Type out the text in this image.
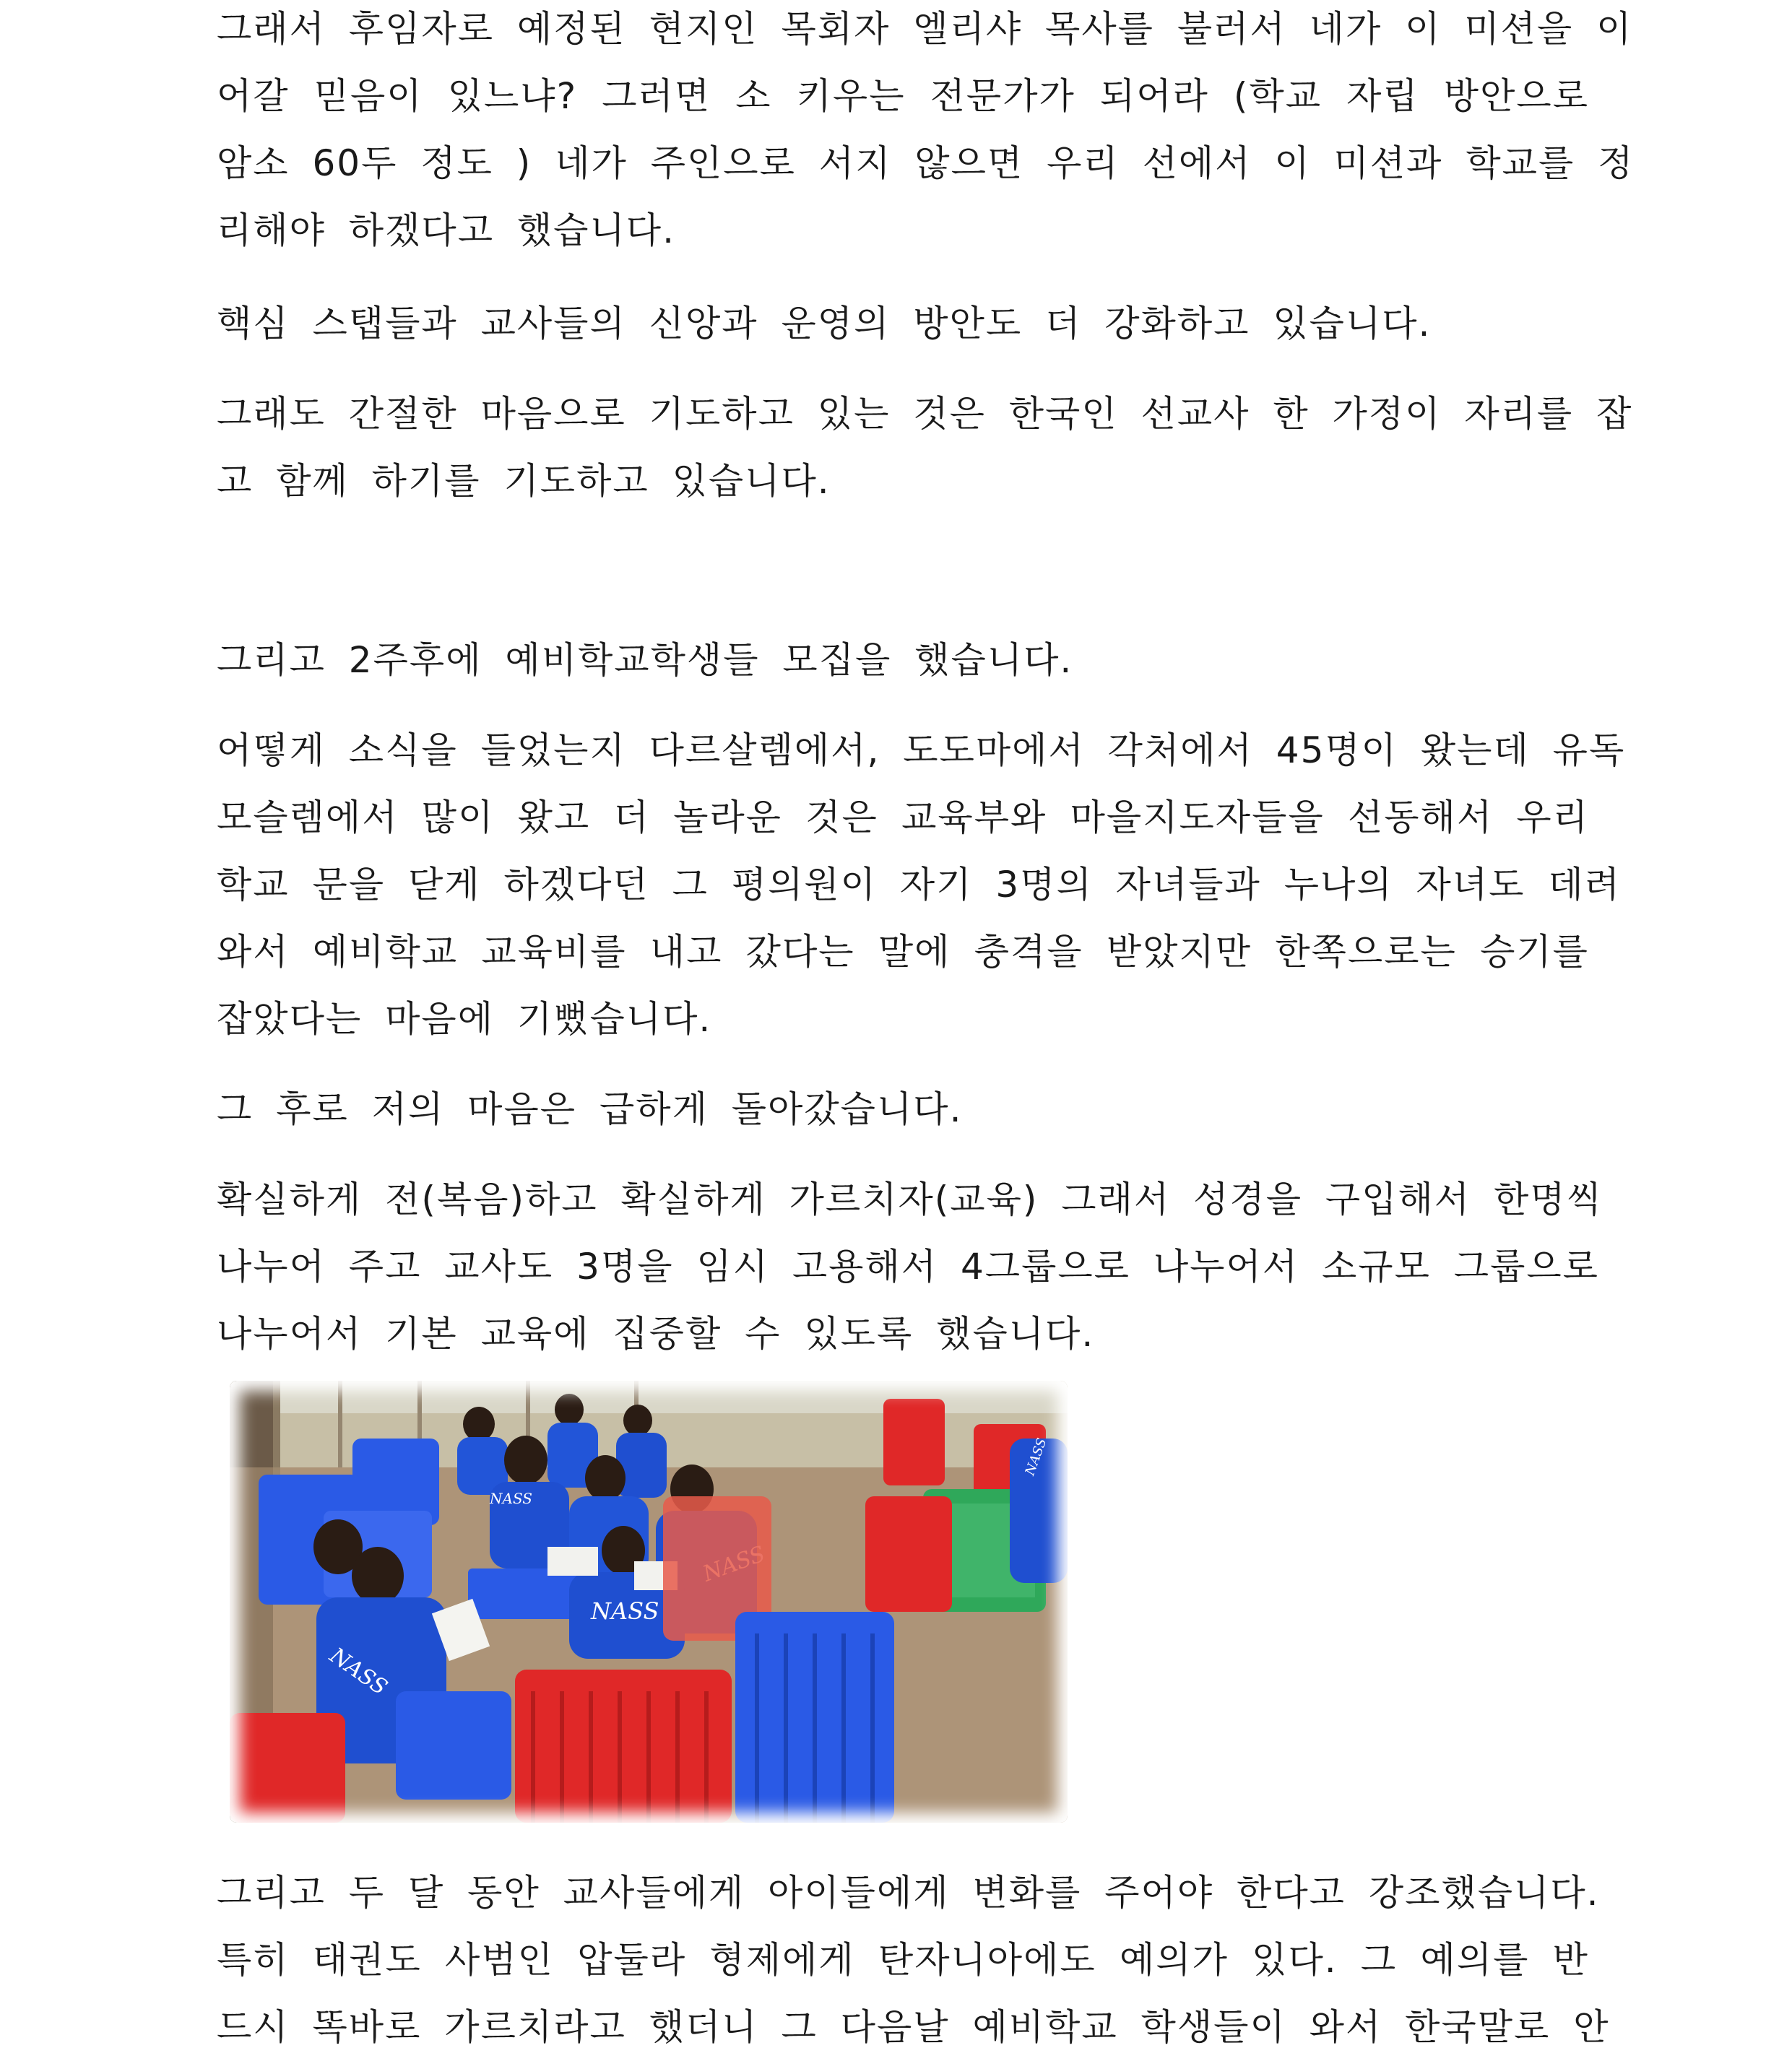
그래서 후임자로 예정된 현지인 목회자 엘리샤 목사를 불러서 네가 이 미션을 이
어갈 믿음이 있느냐? 그러면 소 키우는 전문가가 되어라 (학교 자립 방안으로
암소 60두 정도 ) 네가 주인으로 서지 않으면 우리 선에서 이 미션과 학교를 정
리해야 하겠다고 했습니다.

핵심 스탭들과 교사들의 신앙과 운영의 방안도 더 강화하고 있습니다.

그래도 간절한 마음으로 기도하고 있는 것은 한국인 선교사 한 가정이 자리를 잡
고 함께 하기를 기도하고 있습니다.

그리고 2주후에 예비학교학생들 모집을 했습니다.

어떻게 소식을 들었는지 다르살렘에서, 도도마에서 각처에서 45명이 왔는데 유독
모슬렘에서 많이 왔고 더 놀라운 것은 교육부와 마을지도자들을 선동해서 우리
학교 문을 닫게 하겠다던 그 평의원이 자기 3명의 자녀들과 누나의 자녀도 데려
와서 예비학교 교육비를 내고 갔다는 말에 충격을 받았지만 한쪽으로는 승기를
잡았다는 마음에 기뻤습니다.

그 후로 저의 마음은 급하게 돌아갔습니다.

확실하게 전(복음)하고 확실하게 가르치자(교육) 그래서 성경을 구입해서 한명씩
나누어 주고 교사도 3명을 임시 고용해서 4그룹으로 나누어서 소규모 그룹으로
나누어서 기본 교육에 집중할 수 있도록 했습니다.

NASS
NASS
NASS
NASS

그리고 두 달 동안 교사들에게 아이들에게 변화를 주어야 한다고 강조했습니다.
특히 태권도 사범인 압둘라 형제에게 탄자니아에도 예의가 있다. 그 예의를 반
드시 똑바로 가르치라고 했더니 그 다음날 예비학교 학생들이 와서 한국말로 안
